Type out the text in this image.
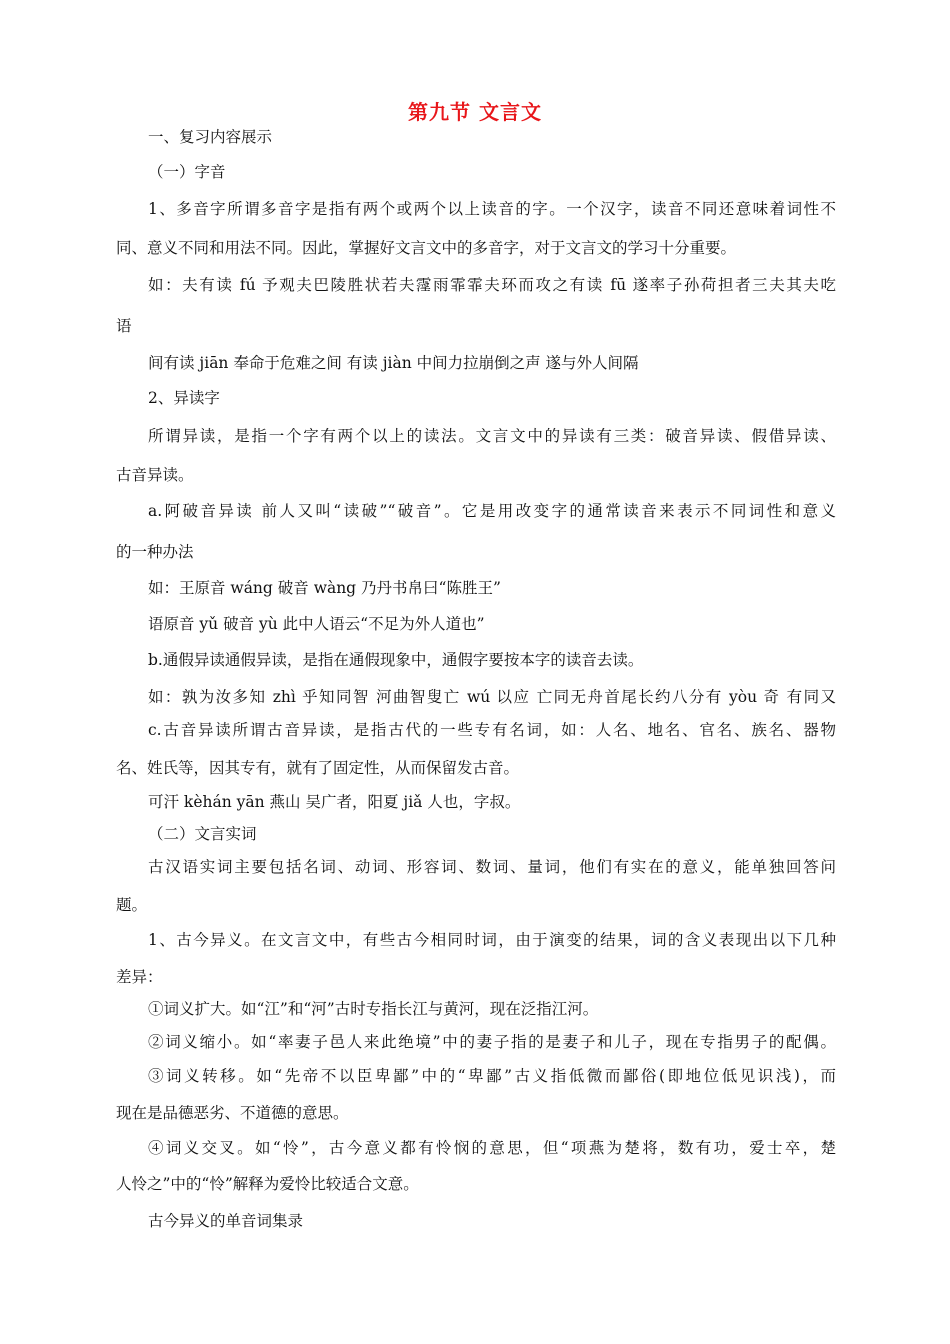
第九节 文言文
一、复习内容展示
（一）字音
1、多音字所谓多音字是指有两个或两个以上读音的字。一个汉字，读音不同还意味着词性不
同、意义不同和用法不同。因此，掌握好文言文中的多音字，对于文言文的学习十分重要。
如：夫有读 fú 予观夫巴陵胜状若夫霪雨霏霏夫环而攻之有读 fū 遂率子孙荷担者三夫其夫吃
语
间有读 jiān 奉命于危难之间 有读 jiàn 中间力拉崩倒之声 遂与外人间隔
2、异读字
所谓异读，是指一个字有两个以上的读法。文言文中的异读有三类：破音异读、假借异读、
古音异读。
a.阿破音异读 前人又叫“读破”“破音”。它是用改变字的通常读音来表示不同词性和意义
的一种办法
如：王原音 wáng 破音 wàng 乃丹书帛曰“陈胜王”
语原音 yǔ 破音 yù 此中人语云“不足为外人道也”
b.通假异读通假异读，是指在通假现象中，通假字要按本字的读音去读。
如：孰为汝多知 zhì 乎知同智 河曲智叟亡 wú 以应 亡同无舟首尾长约八分有 yòu 奇 有同又
c.古音异读所谓古音异读，是指古代的一些专有名词，如：人名、地名、官名、族名、器物
名、姓氏等，因其专有，就有了固定性，从而保留发古音。
可汗 kèhán yān 燕山 吴广者，阳夏 jiǎ 人也，字叔。
（二）文言实词
古汉语实词主要包括名词、动词、形容词、数词、量词，他们有实在的意义，能单独回答问
题。
1、古今异义。在文言文中，有些古今相同时词，由于演变的结果，词的含义表现出以下几种
差异：
①词义扩大。如“江”和“河”古时专指长江与黄河，现在泛指江河。
②词义缩小。如“率妻子邑人来此绝境”中的妻子指的是妻子和儿子，现在专指男子的配偶。
③词义转移。如“先帝不以臣卑鄙”中的“卑鄙”古义指低微而鄙俗(即地位低见识浅)，而
现在是品德恶劣、不道德的意思。
④词义交叉。如“怜”，古今意义都有怜悯的意思，但“项燕为楚将，数有功，爱士卒，楚
人怜之”中的“怜”解释为爱怜比较适合文意。
古今异义的单音词集录
